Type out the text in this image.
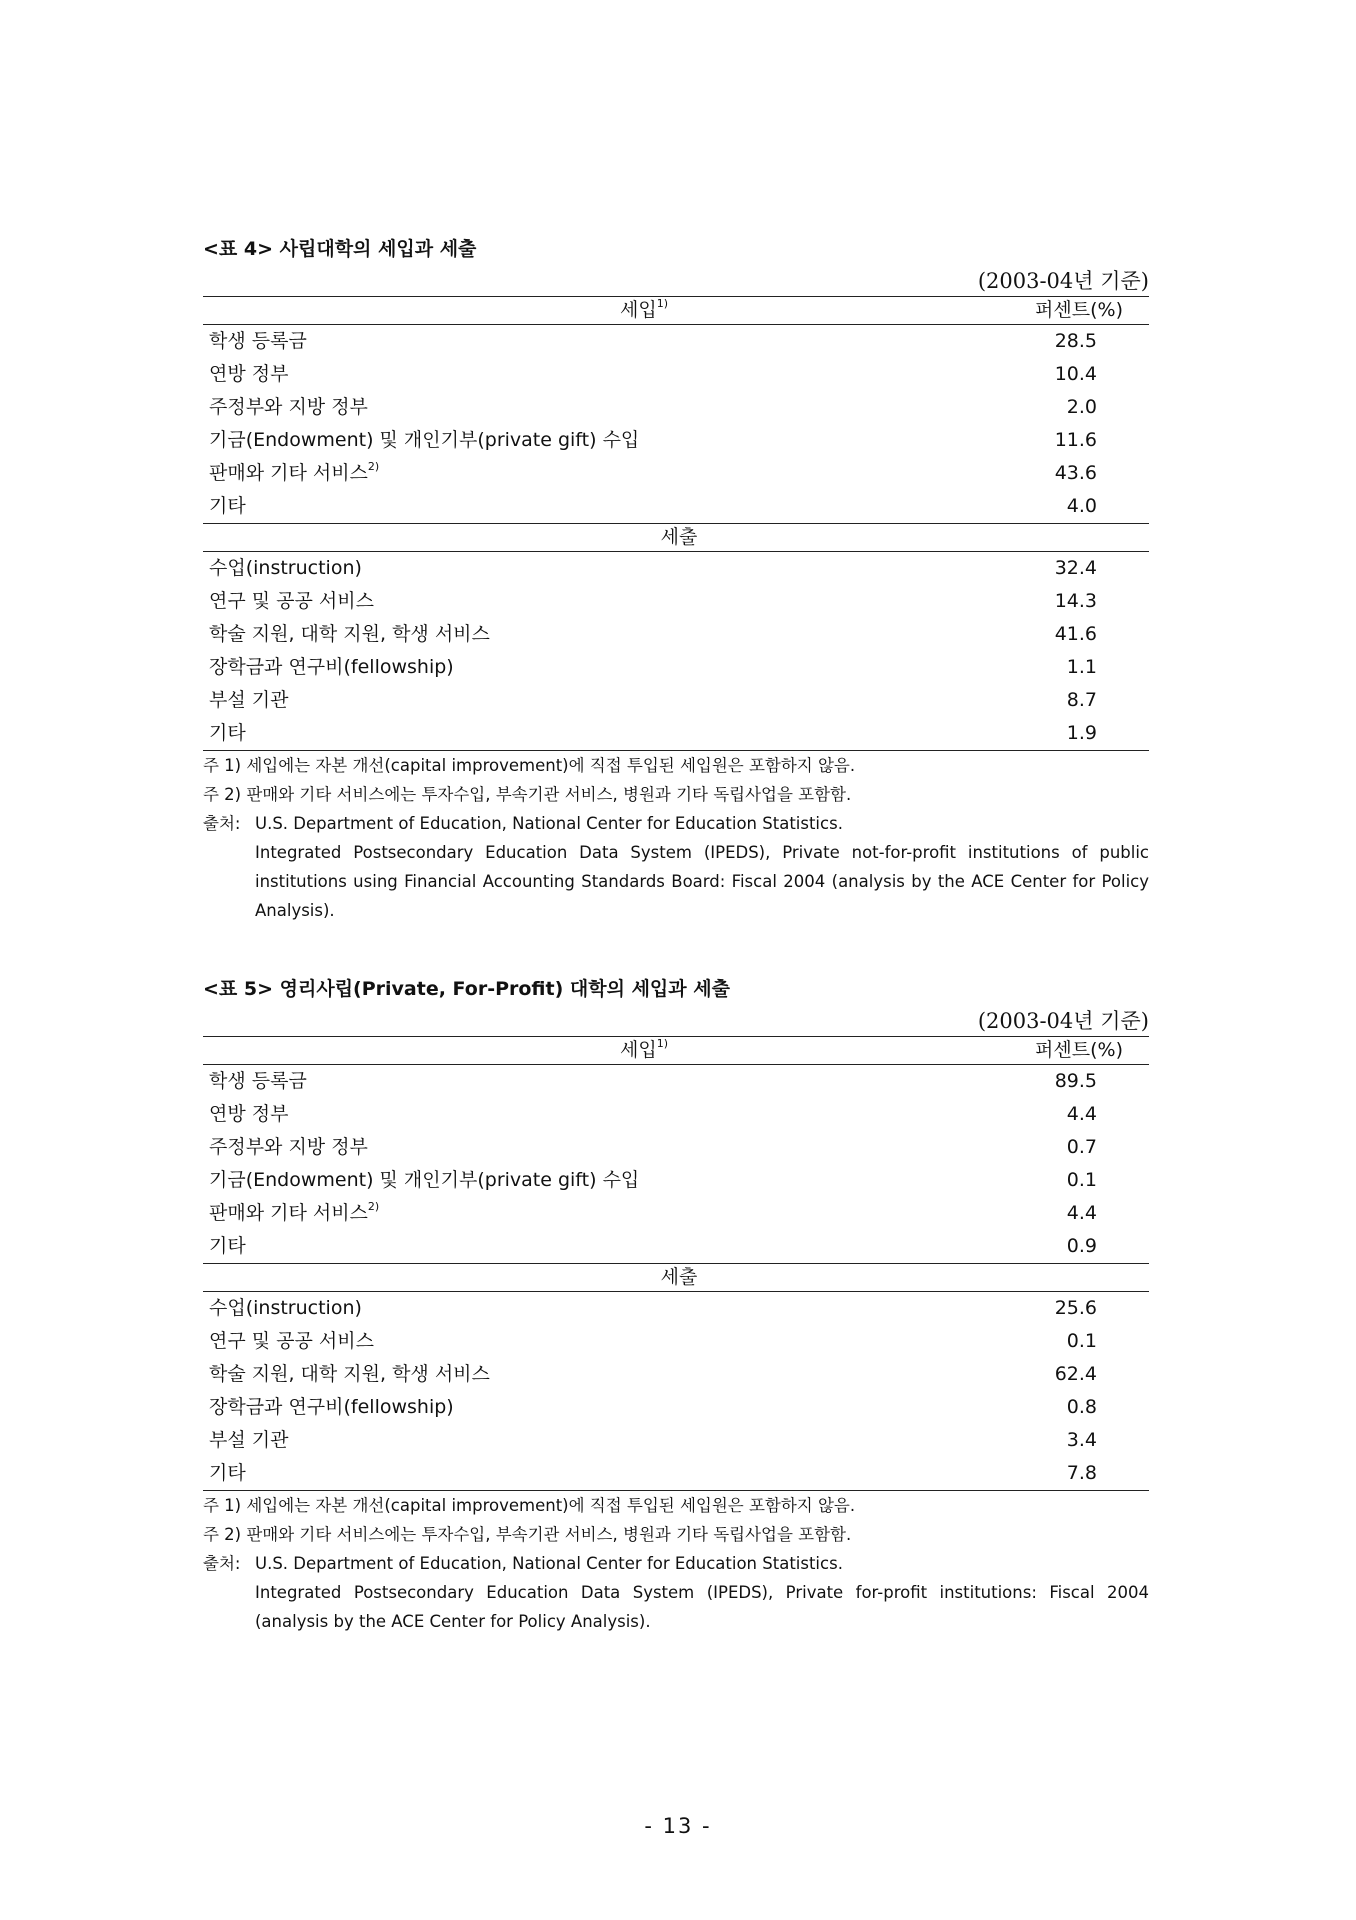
<표 4> 사립대학의 세입과 세출
(2003-04년 기준)
세입$^{1)}$	퍼센트(%)
학생 등록금	28.5
연방 정부	10.4
주정부와 지방 정부	2.0
기금(Endowment) 및 개인기부(private gift) 수입	11.6
판매와 기타 서비스$^{2)}$	43.6
기타	4.0
세출	
수업(instruction)	32.4
연구 및 공공 서비스	14.3
학술 지원, 대학 지원, 학생 서비스	41.6
장학금과 연구비(fellowship)	1.1
부설 기관	8.7
기타	1.9
주 1) 세입에는 자본 개선(capital improvement)에 직접 투입된 세입원은 포함하지 않음.
주 2) 판매와 기타 서비스에는 투자수입, 부속기관 서비스, 병원과 기타 독립사업을 포함함.
출처: U.S. Department of Education, National Center for Education Statistics.
Integrated Postsecondary Education Data System (IPEDS), Private not-for-profit institutions of public institutions using Financial Accounting Standards Board: Fiscal 2004 (analysis by the ACE Center for Policy Analysis).
<표 5> 영리사립(Private, For-Profit) 대학의 세입과 세출
(2003-04년 기준)
세입$^{1)}$	퍼센트(%)
학생 등록금	89.5
연방 정부	4.4
주정부와 지방 정부	0.7
기금(Endowment) 및 개인기부(private gift) 수입	0.1
판매와 기타 서비스$^{2)}$	4.4
기타	0.9
세출	
수업(instruction)	25.6
연구 및 공공 서비스	0.1
학술 지원, 대학 지원, 학생 서비스	62.4
장학금과 연구비(fellowship)	0.8
부설 기관	3.4
기타	7.8
주 1) 세입에는 자본 개선(capital improvement)에 직접 투입된 세입원은 포함하지 않음.
주 2) 판매와 기타 서비스에는 투자수입, 부속기관 서비스, 병원과 기타 독립사업을 포함함.
출처: U.S. Department of Education, National Center for Education Statistics.
Integrated Postsecondary Education Data System (IPEDS), Private for-profit institutions: Fiscal 2004 (analysis by the ACE Center for Policy Analysis).
- 13 -
